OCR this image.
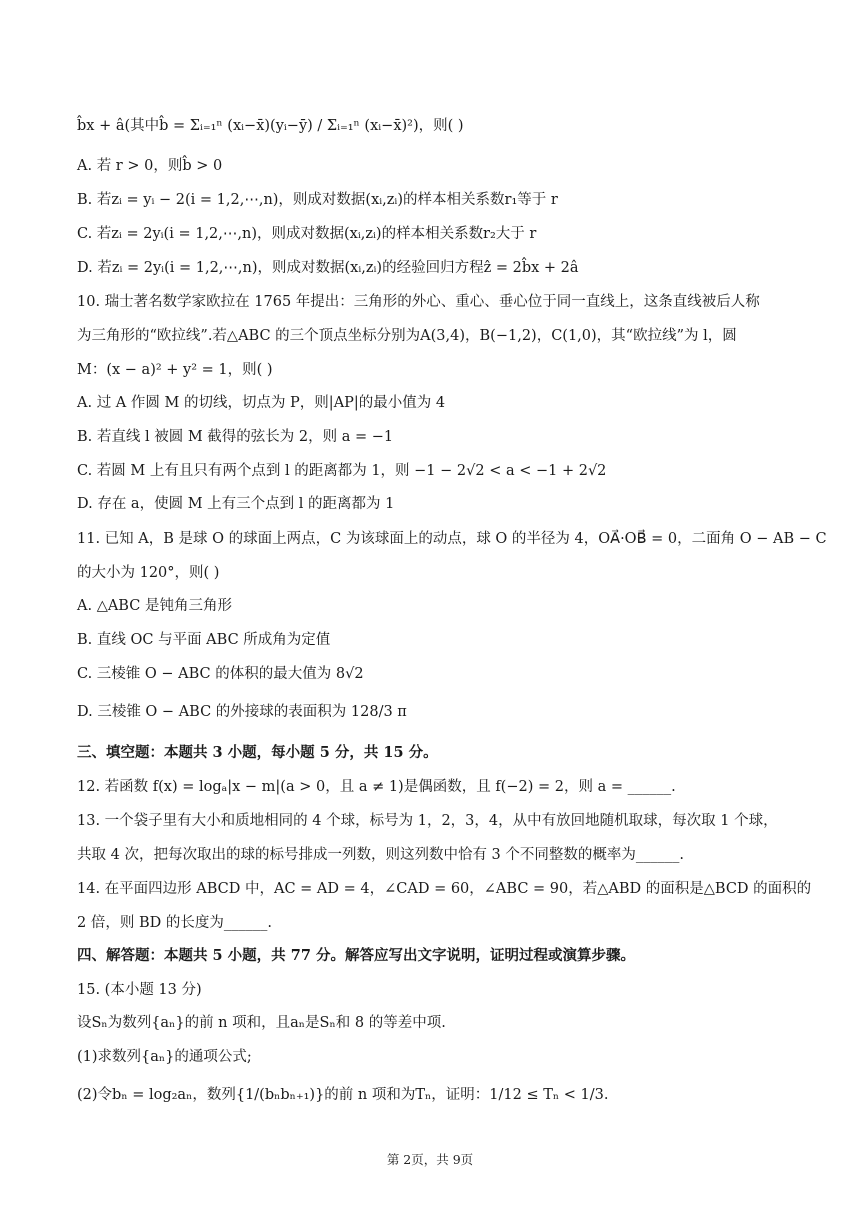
b̂x + â(其中b̂ = Σᵢ₌₁ⁿ (xᵢ−x̄)(yᵢ−ȳ) / Σᵢ₌₁ⁿ (xᵢ−x̄)²)，则( )
A. 若 r > 0，则b̂ > 0
B. 若zᵢ = yᵢ − 2(i = 1,2,⋯,n)，则成对数据(xᵢ,zᵢ)的样本相关系数r₁等于 r
C. 若zᵢ = 2yᵢ(i = 1,2,⋯,n)，则成对数据(xᵢ,zᵢ)的样本相关系数r₂大于 r
D. 若zᵢ = 2yᵢ(i = 1,2,⋯,n)，则成对数据(xᵢ,zᵢ)的经验回归方程ẑ = 2b̂x + 2â
10. 瑞士著名数学家欧拉在 1765 年提出：三角形的外心、重心、垂心位于同一直线上，这条直线被后人称
为三角形的“欧拉线”.若△ABC 的三个顶点坐标分别为A(3,4)，B(−1,2)，C(1,0)，其“欧拉线”为 l，圆
M：(x − a)² + y² = 1，则( )
A. 过 A 作圆 M 的切线，切点为 P，则|AP|的最小值为 4
B. 若直线 l 被圆 M 截得的弦长为 2，则 a = −1
C. 若圆 M 上有且只有两个点到 l 的距离都为 1，则 −1 − 2√2 < a < −1 + 2√2
D. 存在 a，使圆 M 上有三个点到 l 的距离都为 1
11. 已知 A，B 是球 O 的球面上两点，C 为该球面上的动点，球 O 的半径为 4，OA⃗·OB⃗ = 0，二面角 O − AB − C
的大小为 120°，则( )
A. △ABC 是钝角三角形
B. 直线 OC 与平面 ABC 所成角为定值
C. 三棱锥 O − ABC 的体积的最大值为 8√2
D. 三棱锥 O − ABC 的外接球的表面积为 128/3 π
三、填空题：本题共 3 小题，每小题 5 分，共 15 分。
12. 若函数 f(x) = logₐ|x − m|(a > 0，且 a ≠ 1)是偶函数，且 f(−2) = 2，则 a = ______.
13. 一个袋子里有大小和质地相同的 4 个球，标号为 1，2，3，4，从中有放回地随机取球，每次取 1 个球，
共取 4 次，把每次取出的球的标号排成一列数，则这列数中恰有 3 个不同整数的概率为______.
14. 在平面四边形 ABCD 中，AC = AD = 4，∠CAD = 60，∠ABC = 90，若△ABD 的面积是△BCD 的面积的
2 倍，则 BD 的长度为______.
四、解答题：本题共 5 小题，共 77 分。解答应写出文字说明，证明过程或演算步骤。
15. (本小题 13 分)
设Sₙ为数列{aₙ}的前 n 项和，且aₙ是Sₙ和 8 的等差中项.
(1)求数列{aₙ}的通项公式;
(2)令bₙ = log₂aₙ，数列{1/(bₙbₙ₊₁)}的前 n 项和为Tₙ，证明：1/12 ≤ Tₙ < 1/3.
第 2页，共 9页
